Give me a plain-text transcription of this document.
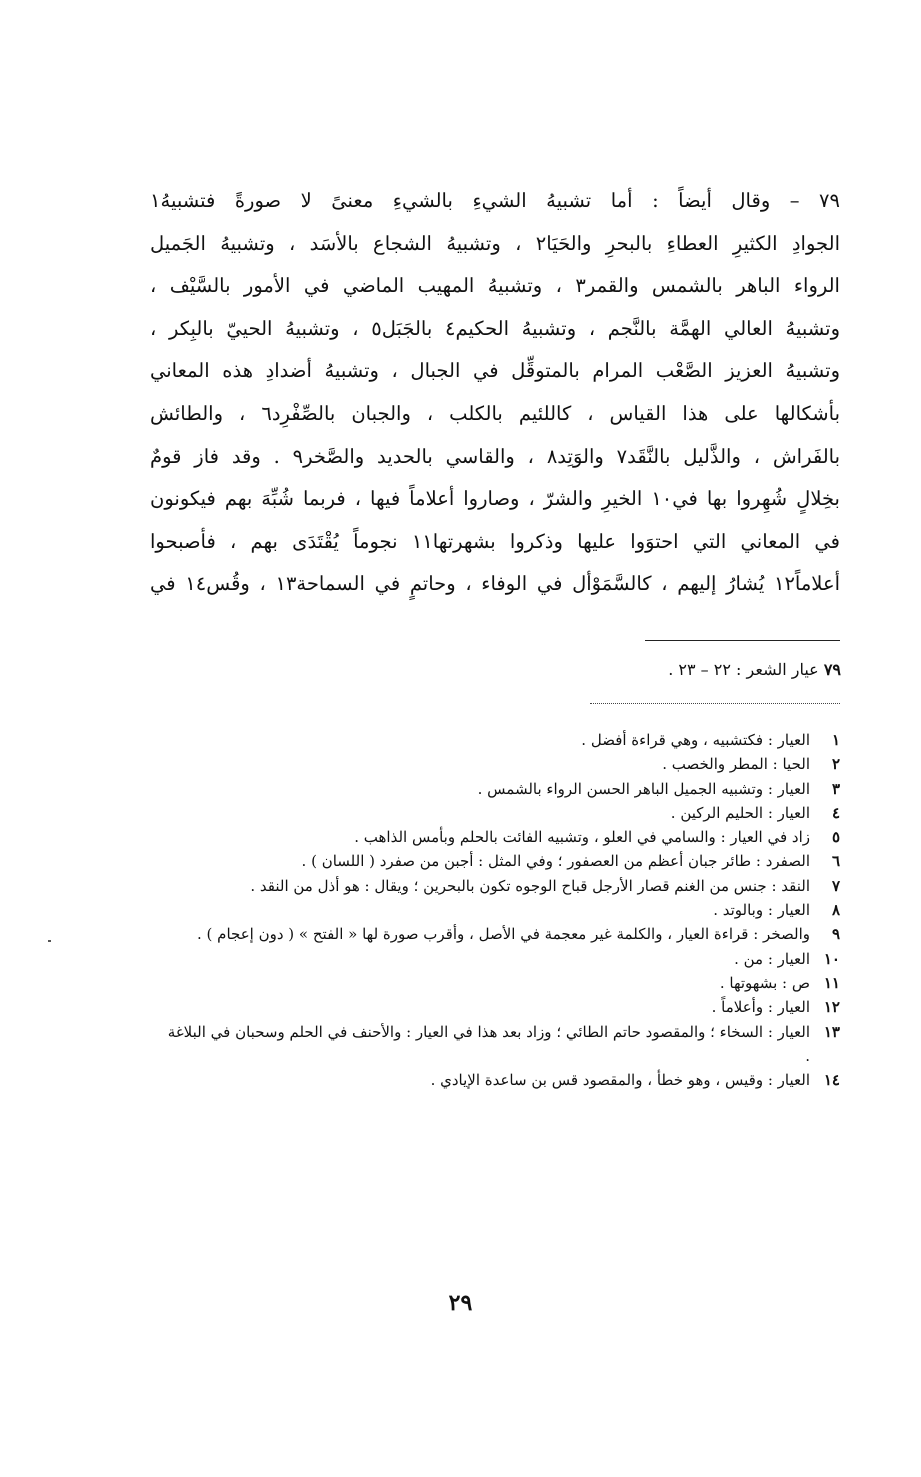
٧٩ – وقال أيضاً : أما تشبيهُ الشيءِ بالشيءِ معنىً لا صورةً فتشبيهُ١
الجوادِ الكثيرِ العطاءِ بالبحرِ والحَيَا٢ ، وتشبيهُ الشجاع بالأسَد ، وتشبيهُ الجَميل
الرواء الباهر بالشمس والقمر٣ ، وتشبيهُ المهيب الماضي في الأمور بالسَّيْف ،
وتشبيهُ العالي الهمَّة بالنَّجم ، وتشبيهُ الحكيم٤ بالجَبَل٥ ، وتشبيهُ الحييّ بالبِكر ،
وتشبيهُ العزيز الصَّعْب المرام بالمتوقِّل في الجبال ، وتشبيهُ أضدادِ هذه المعاني
بأشكالها على هذا القياس ، كاللئيم بالكلب ، والجبان بالصِّفْرِد٦ ، والطائش
بالفَراش ، والذَّليل بالنَّقَد٧ والوَتِد٨ ، والقاسي بالحديد والصَّخر٩ . وقد فاز قومٌ
بخِلالٍ شُهِروا بها في١٠ الخيرِ والشرّ ، وصاروا أعلاماً فيها ، فربما شُبِّهَ بهم فيكونون
في المعاني التي احتوَوا عليها وذكروا بشهرتها١١ نجوماً يُقْتَدَى بهم ، فأصبحوا
أعلاماً١٢ يُشارُ إليهم ، كالسَّمَوْأل في الوفاء ، وحاتمٍ في السماحة١٣ ، وقُس١٤ في
٧٩ عيار الشعر : ٢٢ – ٢٣ .
١
العيار : فكتشبيه ، وهي قراءة أفضل .
٢
الحيا : المطر والخصب .
٣
العيار : وتشبيه الجميل الباهر الحسن الرواء بالشمس .
٤
العيار : الحليم الركين .
٥
زاد في العيار : والسامي في العلو ، وتشبيه الفائت بالحلم وبأمس الذاهب .
٦
الصفرد : طائر جبان أعظم من العصفور ؛ وفي المثل : أجبن من صفرد ( اللسان ) .
٧
النقد : جنس من الغنم قصار الأرجل قباح الوجوه تكون بالبحرين ؛ ويقال : هو أذل من النقد .
٨
العيار : وبالوتد .
٩
والصخر : قراءة العيار ، والكلمة غير معجمة في الأصل ، وأقرب صورة لها « الفتح » ( دون إعجام ) .
١٠
العيار : من .
١١
ص : بشهوتها .
١٢
العيار : وأعلاماً .
١٣
العيار : السخاء ؛ والمقصود حاتم الطائي ؛ وزاد بعد هذا في العيار : والأحنف في الحلم وسحبان في البلاغة .
١٤
العيار : وقيس ، وهو خطأ ، والمقصود قس بن ساعدة الإيادي .
٢٩
